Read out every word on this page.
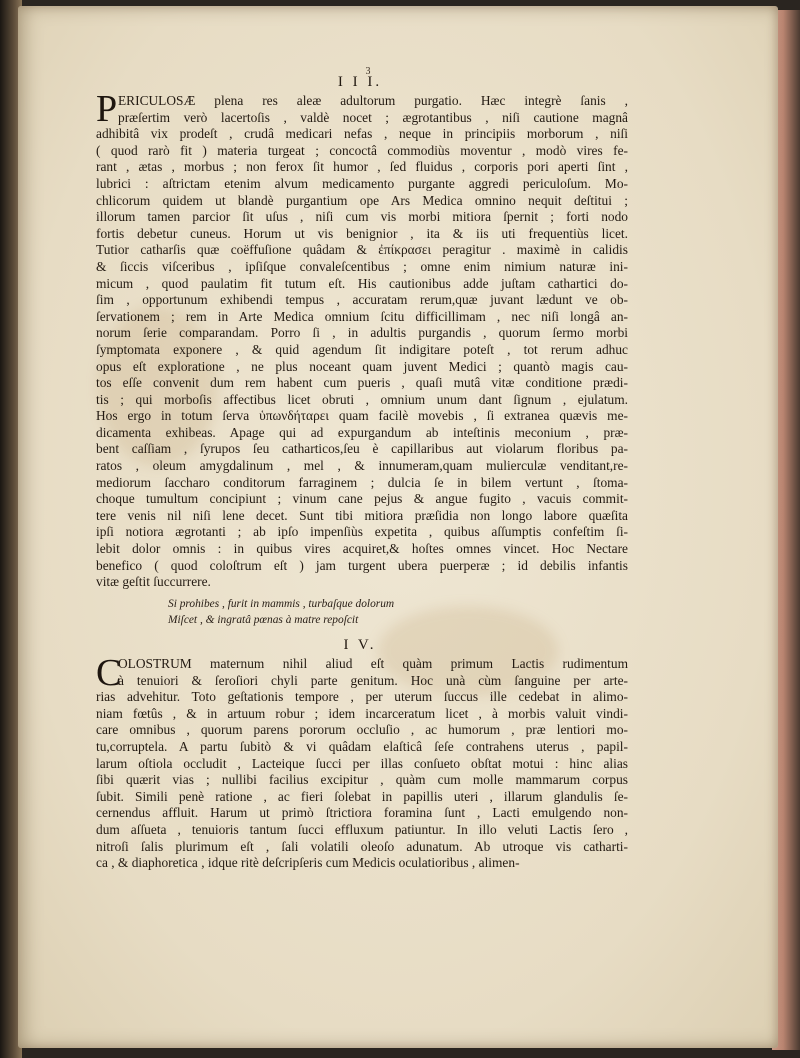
3
I I I.
P ERICULOSÆ plena res aleæ adultorum purgatio. Hæc integrè ſanis ,
præſertim verò lacertoſis , valdè nocet ; ægrotantibus , niſi cautione magnâ
adhibitâ vix prodeſt , crudâ medicari nefas , neque in principiis morborum , niſi
( quod rarò fit ) materia turgeat ; concoctâ commodiùs moventur , modò vires fe-
rant , ætas , morbus ; non ferox ſit humor , ſed fluidus , corporis pori aperti ſint ,
lubrici : aſtrictam etenim alvum medicamento purgante aggredi periculoſum. Mo-
chlicorum quidem ut blandè purgantium ope Ars Medica omnino nequit deſtitui ;
illorum tamen parcior ſit uſus , niſi cum vis morbi mitiora ſpernit ; forti nodo
fortis debetur cuneus. Horum ut vis benignior , ita & iis uti frequentiùs licet.
Tutior catharſis quæ coëffuſione quâdam & ἐπίκρασει peragitur . maximè in calidis
& ſiccis viſceribus , ipſiſque convaleſcentibus ; omne enim nimium naturæ ini-
micum , quod paulatim fit tutum eſt. His cautionibus adde juſtam cathartici do-
ſim , opportunum exhibendi tempus , accuratam rerum,quæ juvant lædunt ve ob-
ſervationem ; rem in Arte Medica omnium ſcitu difficillimam , nec niſi longâ an-
norum ſerie comparandam. Porro ſi , in adultis purgandis , quorum ſermo morbi
ſymptomata exponere , & quid agendum ſit indigitare poteſt , tot rerum adhuc
opus eſt exploratione , ne plus noceant quam juvent Medici ; quantò magis cau-
tos eſſe convenit dum rem habent cum pueris , quaſi mutâ vitæ conditione prædi-
tis ; qui morboſis affectibus licet obruti , omnium unum dant ſignum , ejulatum.
Hos ergo in totum ſerva ὑπωνδήταρει quam facilè movebis , ſi extranea quævis me-
dicamenta exhibeas. Apage qui ad expurgandum ab inteſtinis meconium , præ-
bent caſſiam , ſyrupos ſeu catharticos,ſeu è capillaribus aut violarum floribus pa-
ratos , oleum amygdalinum , mel , & innumeram,quam mulierculæ venditant,re-
mediorum ſaccharo conditorum farraginem ; dulcia ſe in bilem vertunt , ſtoma-
choque tumultum concipiunt ; vinum cane pejus & angue fugito , vacuis commit-
tere venis nil niſi lene decet. Sunt tibi mitiora præſidia non longo labore quæſita
ipſi notiora ægrotanti ; ab ipſo impenſiùs expetita , quibus aſſumptis confeſtim ſi-
lebit dolor omnis : in quibus vires acquiret,& hoſtes omnes vincet. Hoc Nectare
benefico ( quod coloſtrum eſt ) jam turgent ubera puerperæ ; id debilis infantis
vitæ geſtit ſuccurrere.
Si prohibes , furit in mammis , turbaſque dolorum
Miſcet , & ingratâ pœnas à matre repoſcit
I V.
C
OLOSTRUM maternum nihil aliud eſt quàm primum Lactis rudimentum
à tenuiori & ſeroſiori chyli parte genitum. Hoc unà cùm ſanguine per arte-
rias advehitur. Toto geſtationis tempore , per uterum ſuccus ille cedebat in alimo-
niam fœtûs , & in artuum robur ; idem incarceratum licet , à morbis valuit vindi-
care omnibus , quorum parens pororum occluſio , ac humorum , præ lentiori mo-
tu,corruptela. A partu ſubitò & vi quâdam elaſticâ ſeſe contrahens uterus , papil-
larum oſtiola occludit , Lacteique ſucci per illas conſueto obſtat motui : hinc alias
ſibi quærit vias ; nullibi facilius excipitur , quàm cum molle mammarum corpus
ſubit. Simili penè ratione , ac fieri ſolebat in papillis uteri , illarum glandulis ſe-
cernendus affluit. Harum ut primò ſtrictiora foramina ſunt , Lacti emulgendo non-
dum aſſueta , tenuioris tantum ſucci effluxum patiuntur. In illo veluti Lactis ſero ,
nitroſi ſalis plurimum eſt , ſali volatili oleoſo adunatum. Ab utroque vis catharti-
ca , & diaphoretica , idque ritè deſcripſeris cum Medicis oculatioribus , alimen-
